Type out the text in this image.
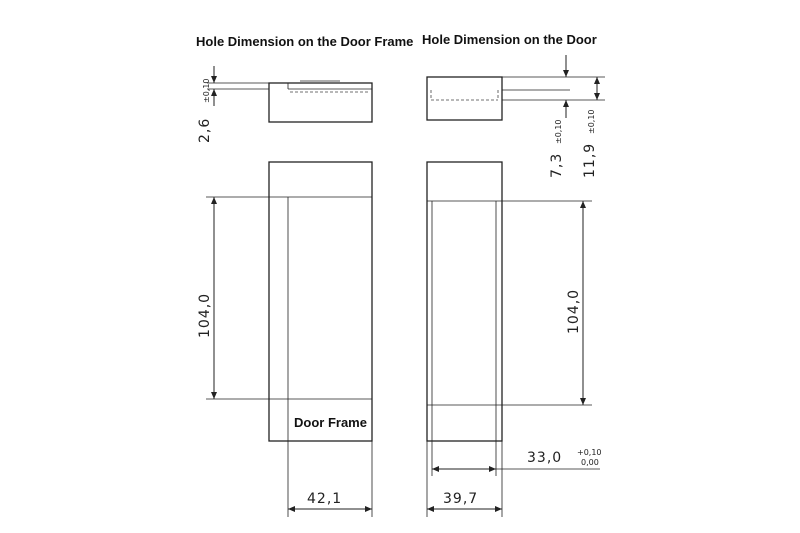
Hole Dimension on the Door Frame Hole Dimension on the Door
2,6
±0,10
Door Frame
104,0
42,1
7,3
±0,10
11,9
±0,10
104,0
33,0 +0,10
0,00
39,7
